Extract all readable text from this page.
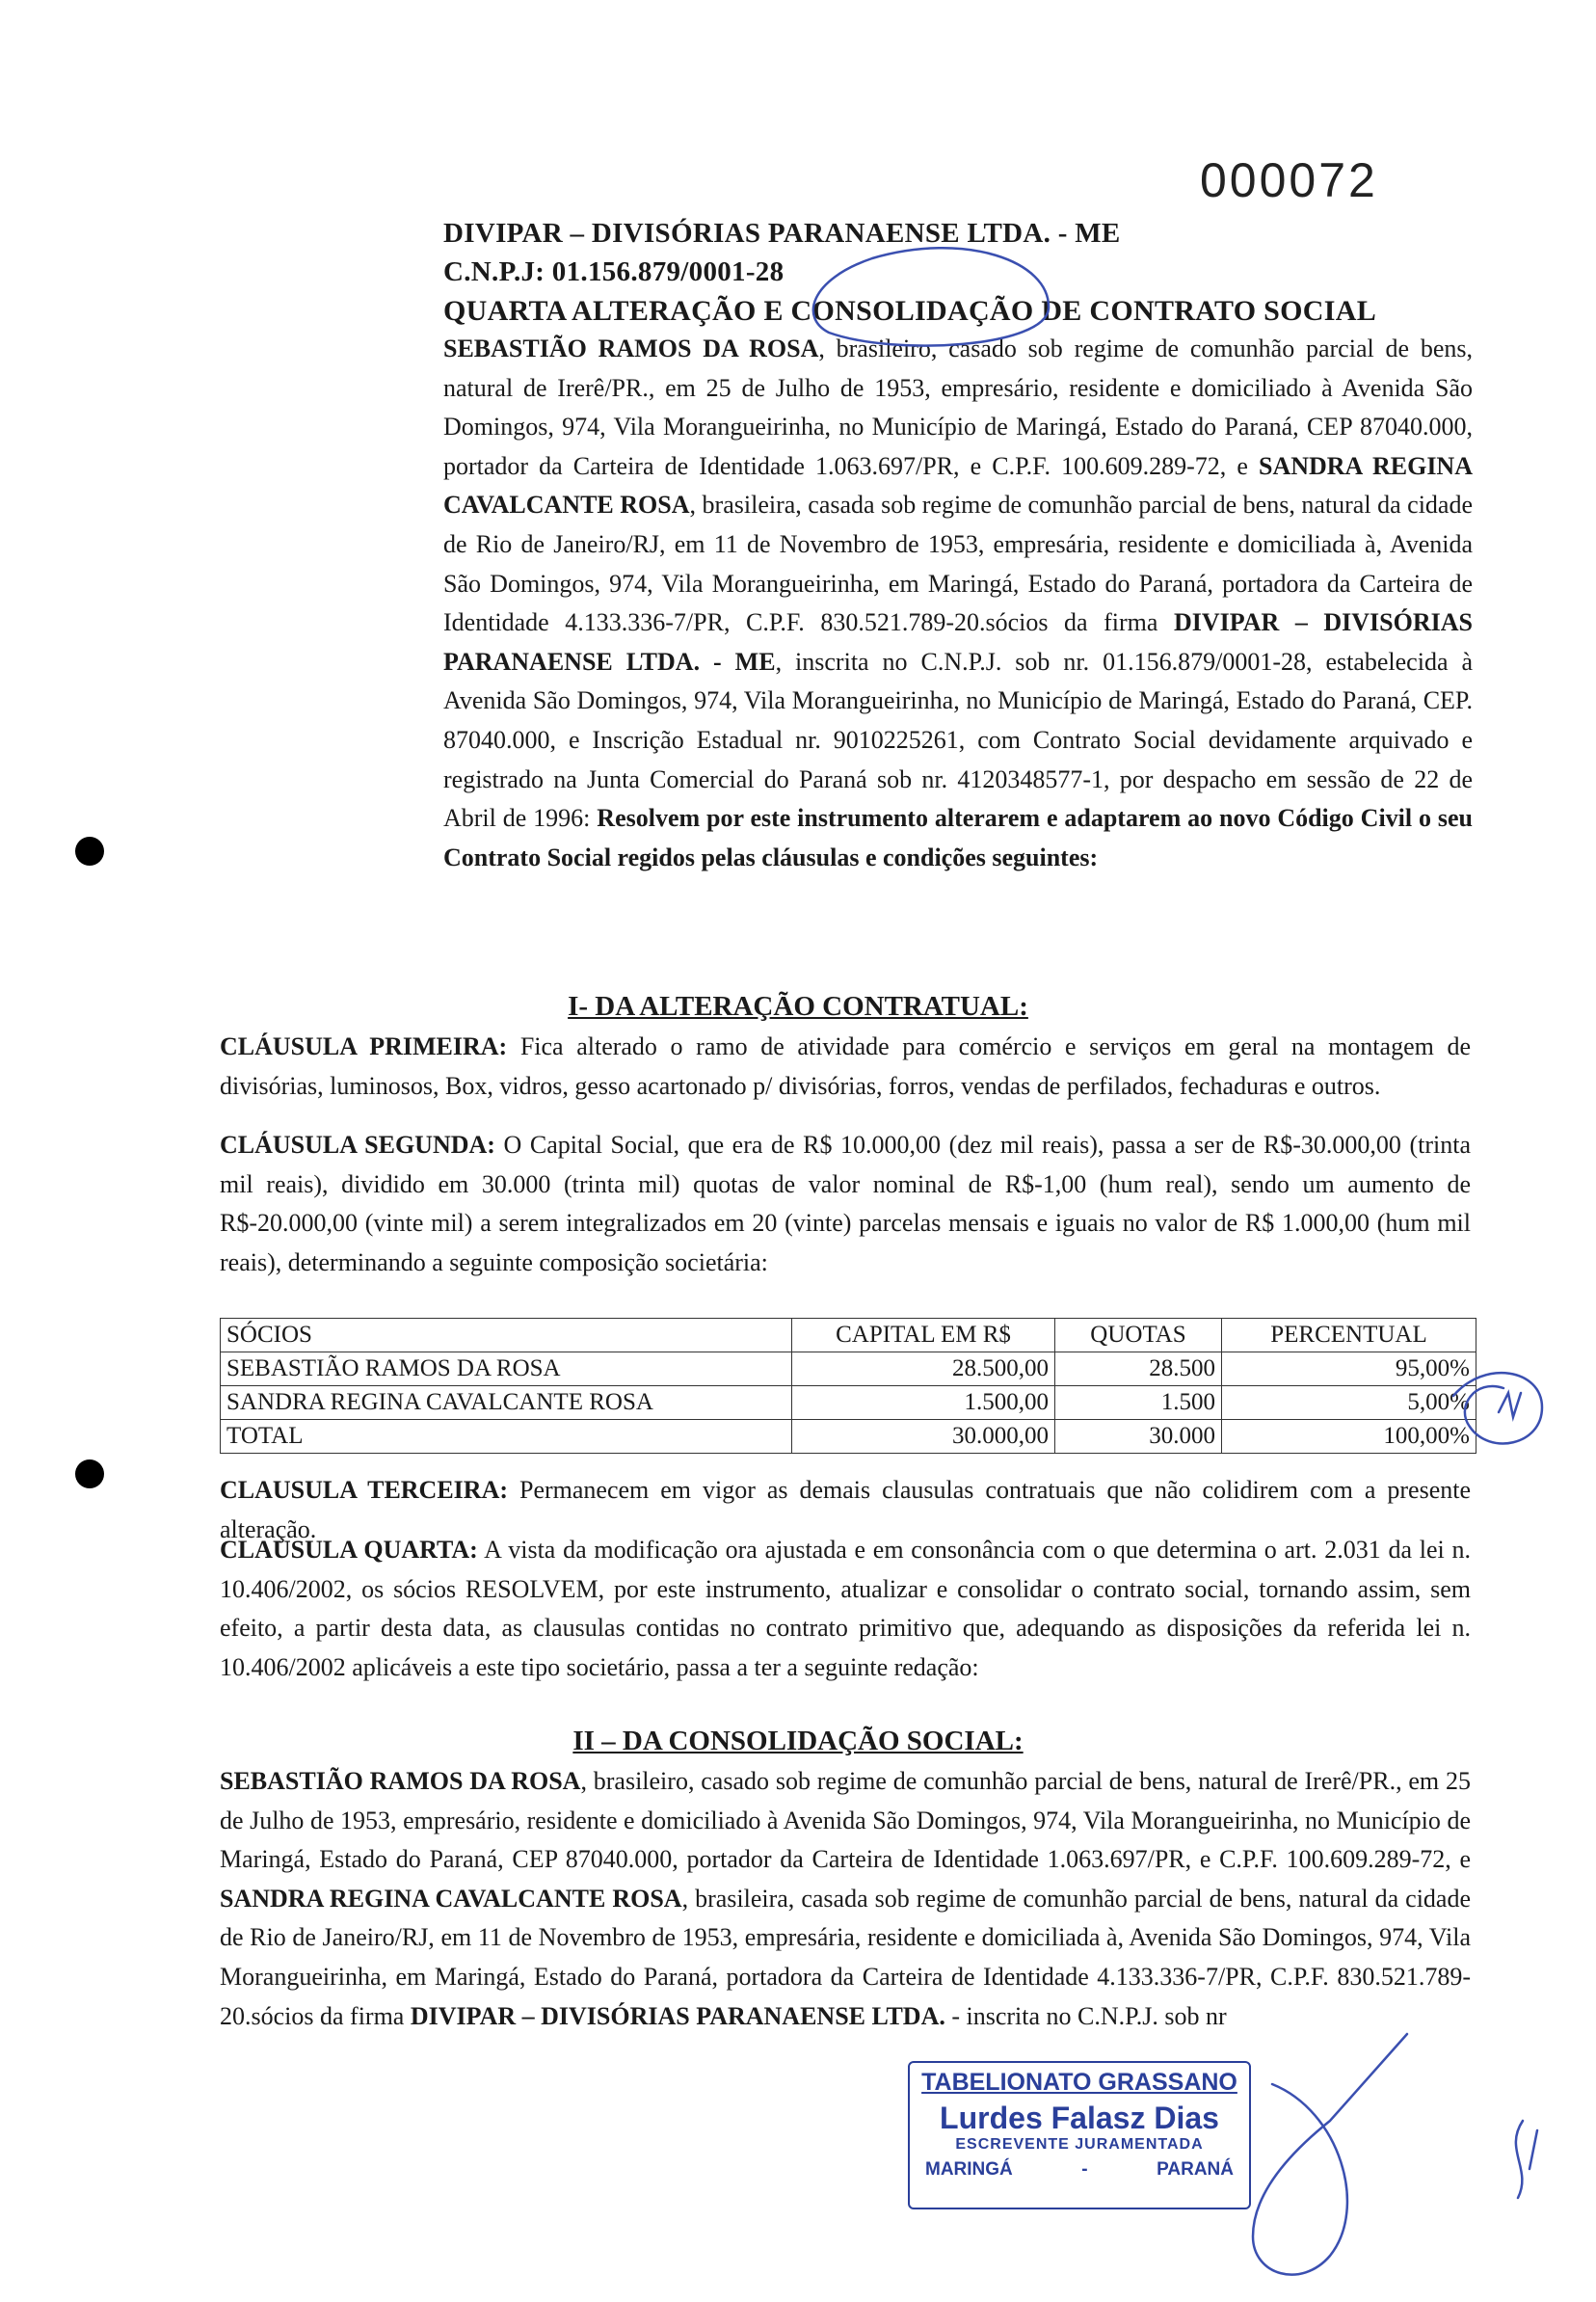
000072
DIVIPAR – DIVISÓRIAS PARANAENSE LTDA. - ME
C.N.P.J: 01.156.879/0001-28
QUARTA ALTERAÇÃO E CONSOLIDAÇÃO DE CONTRATO SOCIAL

SEBASTIÃO RAMOS DA ROSA, brasileiro, casado sob regime de comunhão parcial de bens, natural de Irerê/PR., em 25 de Julho de 1953, empresário, residente e domiciliado à Avenida São Domingos, 974, Vila Morangueirinha, no Município de Maringá, Estado do Paraná, CEP 87040.000, portador da Carteira de Identidade 1.063.697/PR, e C.P.F. 100.609.289-72, e SANDRA REGINA CAVALCANTE ROSA, brasileira, casada sob regime de comunhão parcial de bens, natural da cidade de Rio de Janeiro/RJ, em 11 de Novembro de 1953, empresária, residente e domiciliada à, Avenida São Domingos, 974, Vila Morangueirinha, em Maringá, Estado do Paraná, portadora da Carteira de Identidade 4.133.336-7/PR, C.P.F. 830.521.789-20.sócios da firma DIVIPAR – DIVISÓRIAS PARANAENSE LTDA. - ME, inscrita no C.N.P.J. sob nr. 01.156.879/0001-28, estabelecida à Avenida São Domingos, 974, Vila Morangueirinha, no Município de Maringá, Estado do Paraná, CEP. 87040.000, e Inscrição Estadual nr. 9010225261, com Contrato Social devidamente arquivado e registrado na Junta Comercial do Paraná sob nr. 4120348577-1, por despacho em sessão de 22 de Abril de 1996: Resolvem por este instrumento alterarem e adaptarem ao novo Código Civil o seu Contrato Social regidos pelas cláusulas e condições seguintes:

I- DA ALTERAÇÃO CONTRATUAL:

CLÁUSULA PRIMEIRA: Fica alterado o ramo de atividade para comércio e serviços em geral na montagem de divisórias, luminosos, Box, vidros, gesso acartonado p/ divisórias, forros, vendas de perfilados, fechaduras e outros.

CLÁUSULA SEGUNDA: O Capital Social, que era de R$ 10.000,00 (dez mil reais), passa a ser de R$-30.000,00 (trinta mil reais), dividido em 30.000 (trinta mil) quotas de valor nominal de R$-1,00 (hum real), sendo um aumento de R$-20.000,00 (vinte mil) a serem integralizados em 20 (vinte) parcelas mensais e iguais no valor de R$ 1.000,00 (hum mil reais), determinando a seguinte composição societária:

SÓCIOS	CAPITAL EM R$	QUOTAS	PERCENTUAL
SEBASTIÃO RAMOS DA ROSA	28.500,00	28.500	95,00%
SANDRA REGINA CAVALCANTE ROSA	1.500,00	1.500	5,00%
TOTAL	30.000,00	30.000	100,00%

CLAUSULA TERCEIRA: Permanecem em vigor as demais clausulas contratuais que não colidirem com a presente alteração.

CLAUSULA QUARTA: A vista da modificação ora ajustada e em consonância com o que determina o art. 2.031 da lei n. 10.406/2002, os sócios RESOLVEM, por este instrumento, atualizar e consolidar o contrato social, tornando assim, sem efeito, a partir desta data, as clausulas contidas no contrato primitivo que, adequando as disposições da referida lei n. 10.406/2002 aplicáveis a este tipo societário, passa a ter a seguinte redação:

II – DA CONSOLIDAÇÃO SOCIAL:

SEBASTIÃO RAMOS DA ROSA, brasileiro, casado sob regime de comunhão parcial de bens, natural de Irerê/PR., em 25 de Julho de 1953, empresário, residente e domiciliado à Avenida São Domingos, 974, Vila Morangueirinha, no Município de Maringá, Estado do Paraná, CEP 87040.000, portador da Carteira de Identidade 1.063.697/PR, e C.P.F. 100.609.289-72, e SANDRA REGINA CAVALCANTE ROSA, brasileira, casada sob regime de comunhão parcial de bens, natural da cidade de Rio de Janeiro/RJ, em 11 de Novembro de 1953, empresária, residente e domiciliada à, Avenida São Domingos, 974, Vila Morangueirinha, em Maringá, Estado do Paraná, portadora da Carteira de Identidade 4.133.336-7/PR, C.P.F. 830.521.789-20.sócios da firma DIVIPAR – DIVISÓRIAS PARANAENSE LTDA. - inscrita no C.N.P.J. sob nr

TABELIONATO GRASSANO
Lurdes Falasz Dias
ESCREVENTE JURAMENTADA
MARINGÁ	-	PARANÁ
